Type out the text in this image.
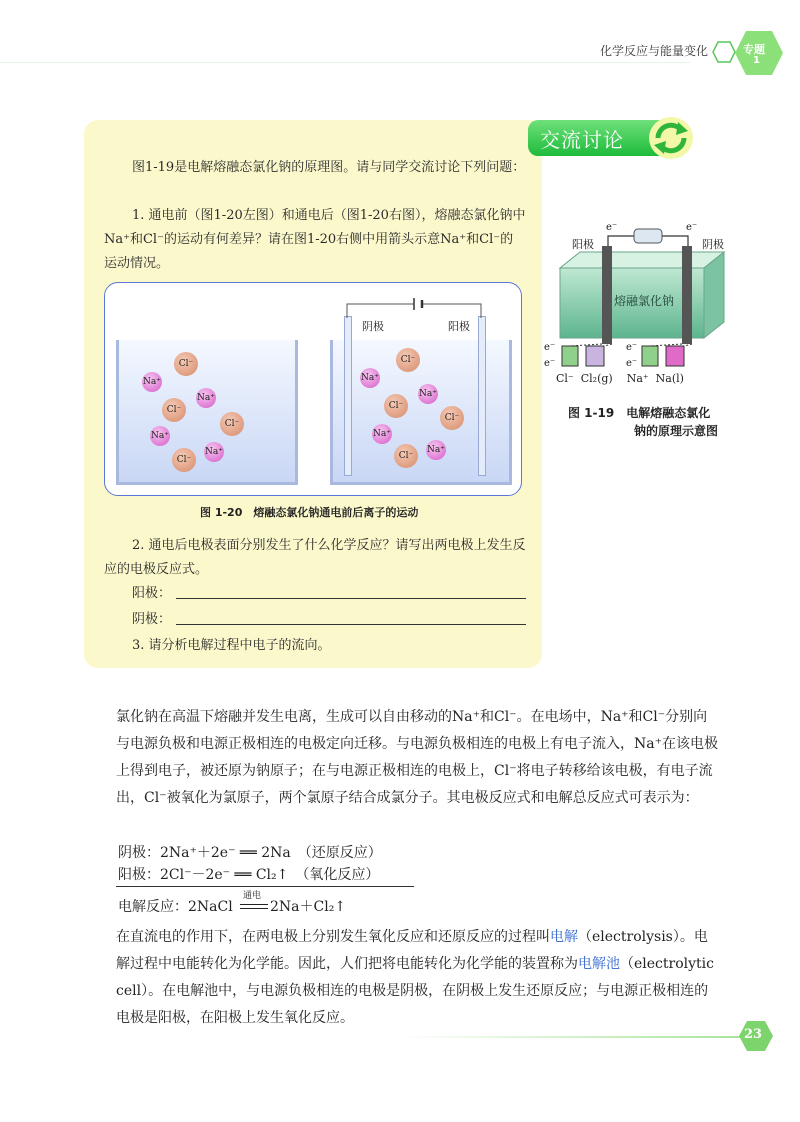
化学反应与能量变化	专题
1
交流讨论
图1-19是电解熔融态氯化钠的原理图。请与同学交流讨论下列问题：
1. 通电前（图1-20左图）和通电后（图1-20右图），熔融态氯化钠中Na⁺和Cl⁻的运动有何差异？请在图1-20右侧中用箭头示意Na⁺和Cl⁻的运动情况。
阴极	阳极
Cl⁻
Na⁺
Na⁺
Cl⁻
Cl⁻
Na⁺
Na⁺
Cl⁻
Cl⁻
Na⁺
Cl⁻
Na⁺
Cl⁻
Na⁺
Na⁺
Cl⁻
图 1-20　熔融态氯化钠通电前后离子的运动
2. 通电后电极表面分别发生了什么化学反应？请写出两电极上发生反应的电极反应式。
阳极：
阴极：
3. 请分析电解过程中电子的流向。
阳极	阴极
熔融氯化钠
e⁻	e⁻
e⁻
e⁻
e⁻
e⁻
Cl⁻  Cl₂(g)    Na⁺  Na(l)
图 1-19　电解熔融态氯化
钠的原理示意图
氯化钠在高温下熔融并发生电离，生成可以自由移动的Na⁺和Cl⁻。在电场中，Na⁺和Cl⁻分别向与电源负极和电源正极相连的电极定向迁移。与电源负极相连的电极上有电子流入，Na⁺在该电极上得到电子，被还原为钠原子；在与电源正极相连的电极上，Cl⁻将电子转移给该电极，有电子流出，Cl⁻被氧化为氯原子，两个氯原子结合成氯分子。其电极反应式和电解总反应式可表示为：
阴极：2Na⁺＋2e⁻ ══ 2Na　（还原反应）
阳极：2Cl⁻－2e⁻ ══ Cl₂↑　（氧化反应）
电解反应：2NaCl
通电
2Na＋Cl₂↑
在直流电的作用下，在两电极上分别发生氧化反应和还原反应的过程叫电解（electrolysis）。电解过程中电能转化为化学能。因此，人们把将电能转化为化学能的装置称为电解池（electrolytic cell）。在电解池中，与电源负极相连的电极是阴极，在阴极上发生还原反应；与电源正极相连的电极是阳极，在阳极上发生氧化反应。
23
